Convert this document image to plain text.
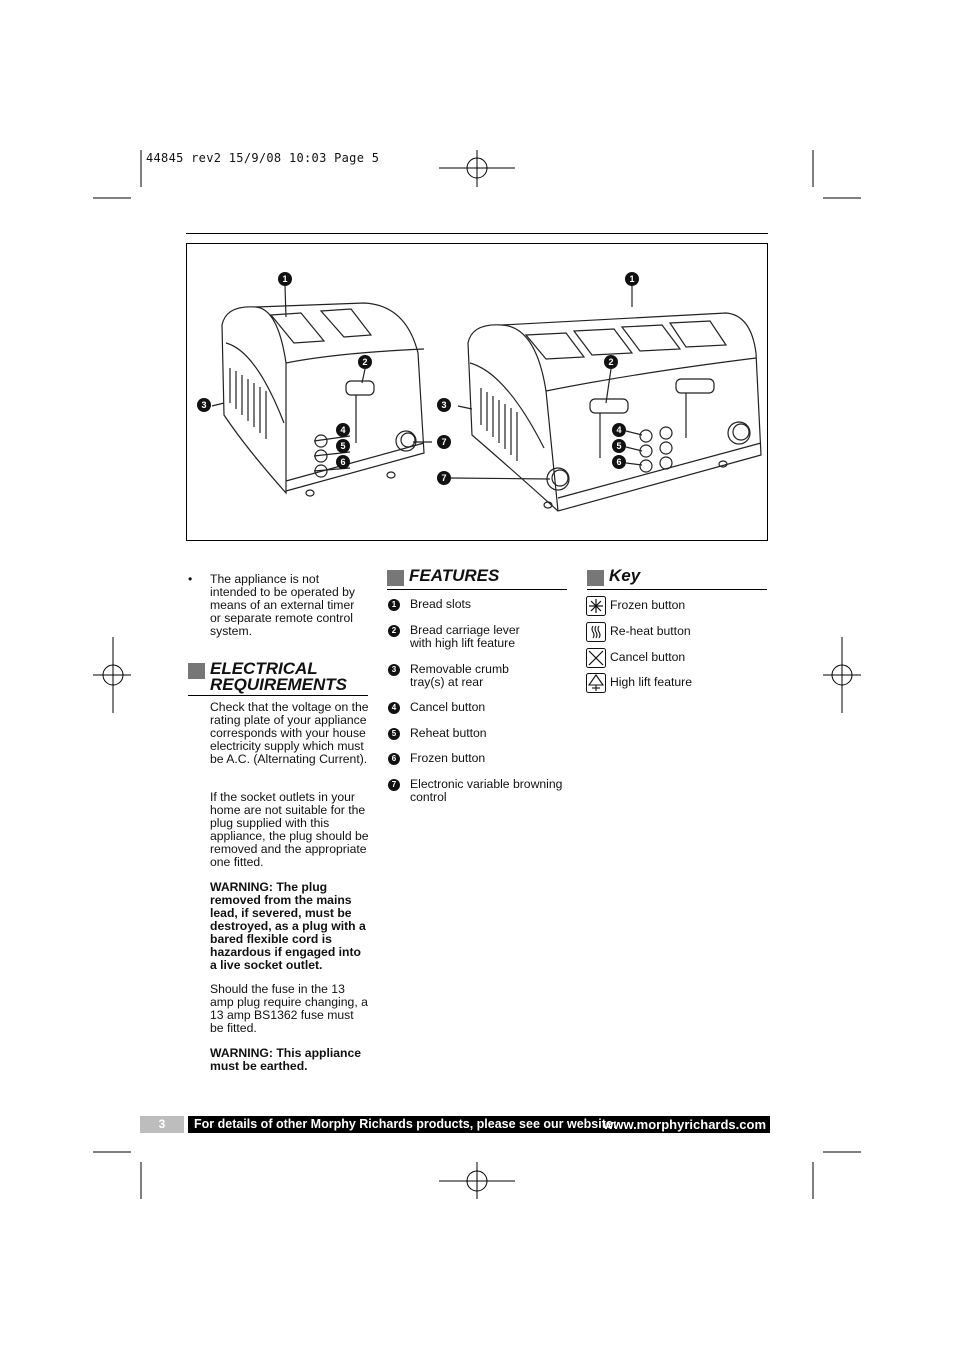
44845 rev2 15/9/08 10:03 Page 5
1
2
3
4
5
6
7
1
2
3
4
5
6
7
• The appliance is not intended to be operated by means of an external timer or separate remote control system.
ELECTRICAL
REQUIREMENTS
Check that the voltage on the rating plate of your appliance corresponds with your house electricity supply which must be A.C. (Alternating Current).
If the socket outlets in your home are not suitable for the plug supplied with this appliance, the plug should be removed and the appropriate one fitted.
WARNING: The plug removed from the mains lead, if severed, must be destroyed, as a plug with a bared flexible cord is hazardous if engaged into a live socket outlet.
Should the fuse in the 13 amp plug require changing, a 13 amp BS1362 fuse must be fitted.
WARNING: This appliance must be earthed.
FEATURES
1	Bread slots
2	Bread carriage lever with high lift feature
3	Removable crumb tray(s) at rear
4	Cancel button
5	Reheat button
6	Frozen button
7	Electronic variable browning control
Key
Frozen button
Re-heat button
Cancel button
High lift feature
3	For details of other Morphy Richards products, please see our website:
www.morphyrichards.com
